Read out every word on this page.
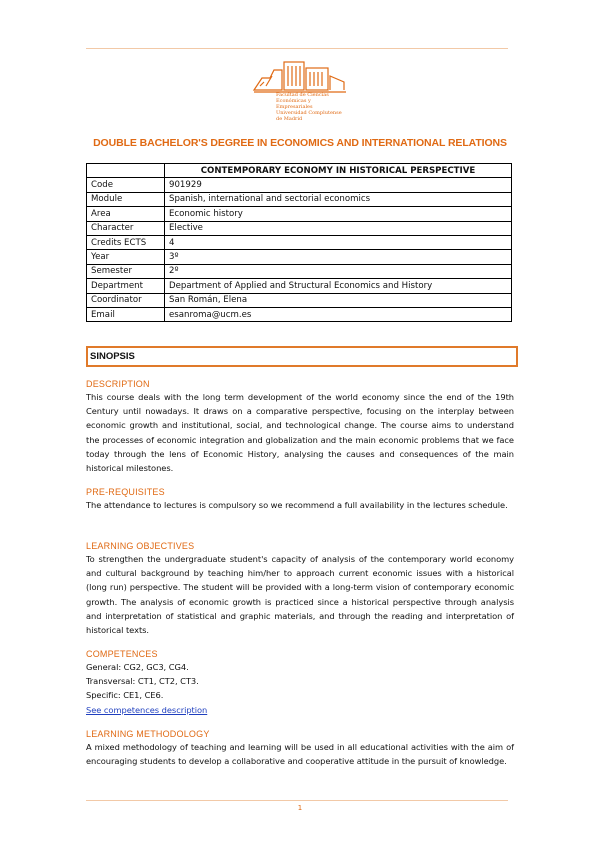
Facultad de Ciencias
Económicas y Empresariales
Universidad Complutense de Madrid
DOUBLE BACHELOR'S DEGREE IN ECONOMICS AND INTERNATIONAL RELATIONS
	CONTEMPORARY ECONOMY IN HISTORICAL PERSPECTIVE
Code	901929
Module	Spanish, international and sectorial economics
Area	Economic history
Character	Elective
Credits ECTS	4
Year	3º
Semester	2º
Department	Department of Applied and Structural Economics and History
Coordinator	San Román, Elena
Email	esanroma@ucm.es
SINOPSIS
DESCRIPTION
This course deals with the long term development of the world economy since the end of the 19th Century until nowadays. It draws on a comparative perspective, focusing on the interplay between economic growth and institutional, social, and technological change. The course aims to understand the processes of economic integration and globalization and the main economic problems that we face today through the lens of Economic History, analysing the causes and consequences of the main historical milestones.
PRE-REQUISITES
The attendance to lectures is compulsory so we recommend a full availability in the lectures schedule.
LEARNING OBJECTIVES
To strengthen the undergraduate student's capacity of analysis of the contemporary world economy and cultural background by teaching him/her to approach current economic issues with a historical (long run) perspective. The student will be provided with a long-term vision of contemporary economic growth. The analysis of economic growth is practiced since a historical perspective through analysis and interpretation of statistical and graphic materials, and through the reading and interpretation of historical texts.
COMPETENCES
General: CG2, GC3, CG4.
Transversal: CT1, CT2, CT3.
Specific: CE1, CE6.
See competences description
LEARNING METHODOLOGY
A mixed methodology of teaching and learning will be used in all educational activities with the aim of encouraging students to develop a collaborative and cooperative attitude in the pursuit of knowledge.
1
